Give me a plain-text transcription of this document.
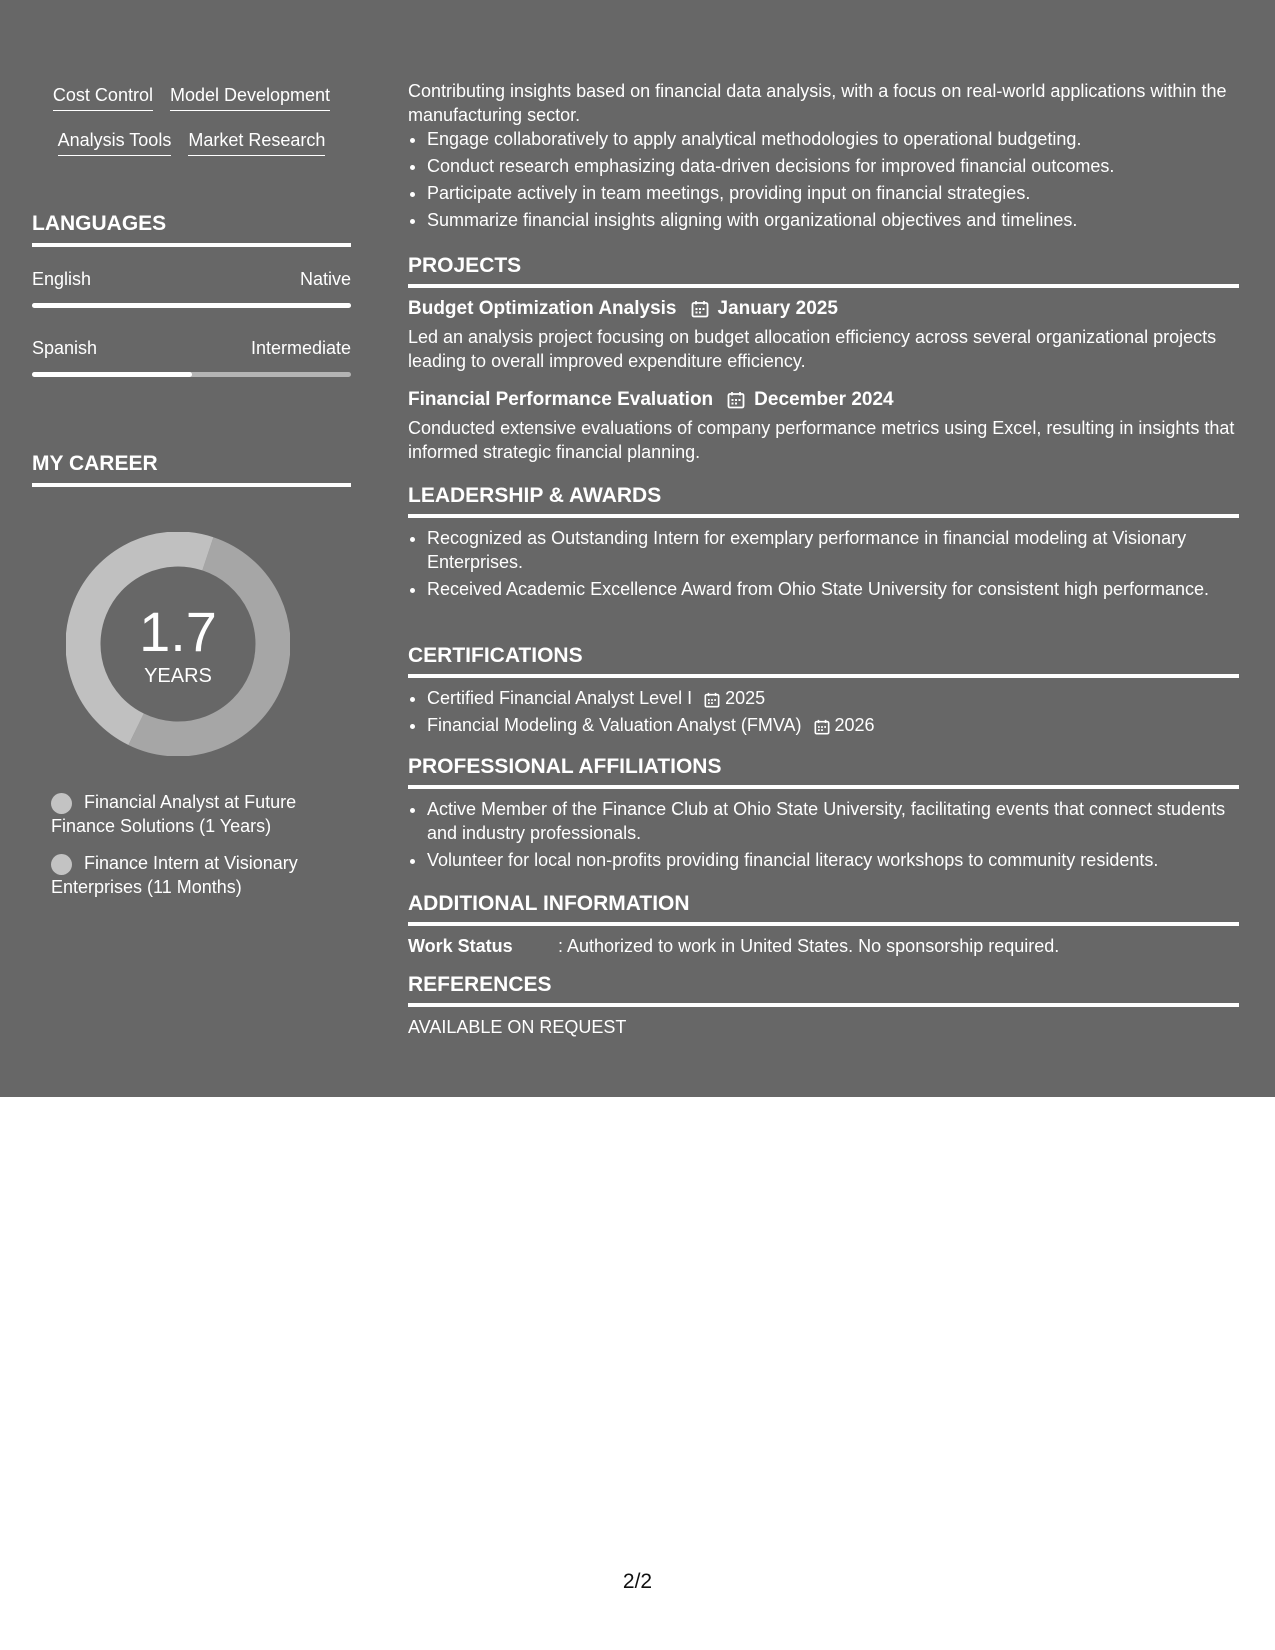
Cost Control Model Development
Analysis Tools Market Research
LANGUAGES
English	Native
Spanish	Intermediate
MY CAREER
1.7
YEARS
Financial Analyst at Future Finance Solutions (1 Years)
Finance Intern at Visionary Enterprises (11 Months)

Contributing insights based on financial data analysis, with a focus on real-world applications within the manufacturing sector.

• Engage collaboratively to apply analytical methodologies to operational budgeting.
• Conduct research emphasizing data-driven decisions for improved financial outcomes.
• Participate actively in team meetings, providing input on financial strategies.
• Summarize financial insights aligning with organizational objectives and timelines.
PROJECTS
Budget Optimization Analysis January 2025

Led an analysis project focusing on budget allocation efficiency across several organizational projects leading to overall improved expenditure efficiency.

Financial Performance Evaluation December 2024

Conducted extensive evaluations of company performance metrics using Excel, resulting in insights that informed strategic financial planning.

LEADERSHIP & AWARDS
• Recognized as Outstanding Intern for exemplary performance in financial modeling at Visionary Enterprises.
• Received Academic Excellence Award from Ohio State University for consistent high performance.
CERTIFICATIONS
• Certified Financial Analyst Level I 2025
• Financial Modeling & Valuation Analyst (FMVA) 2026
PROFESSIONAL AFFILIATIONS
• Active Member of the Finance Club at Ohio State University, facilitating events that connect students and industry professionals.
• Volunteer for local non-profits providing financial literacy workshops to community residents.
ADDITIONAL INFORMATION
Work Status	: Authorized to work in United States. No sponsorship required.
REFERENCES

AVAILABLE ON REQUEST

2/2
